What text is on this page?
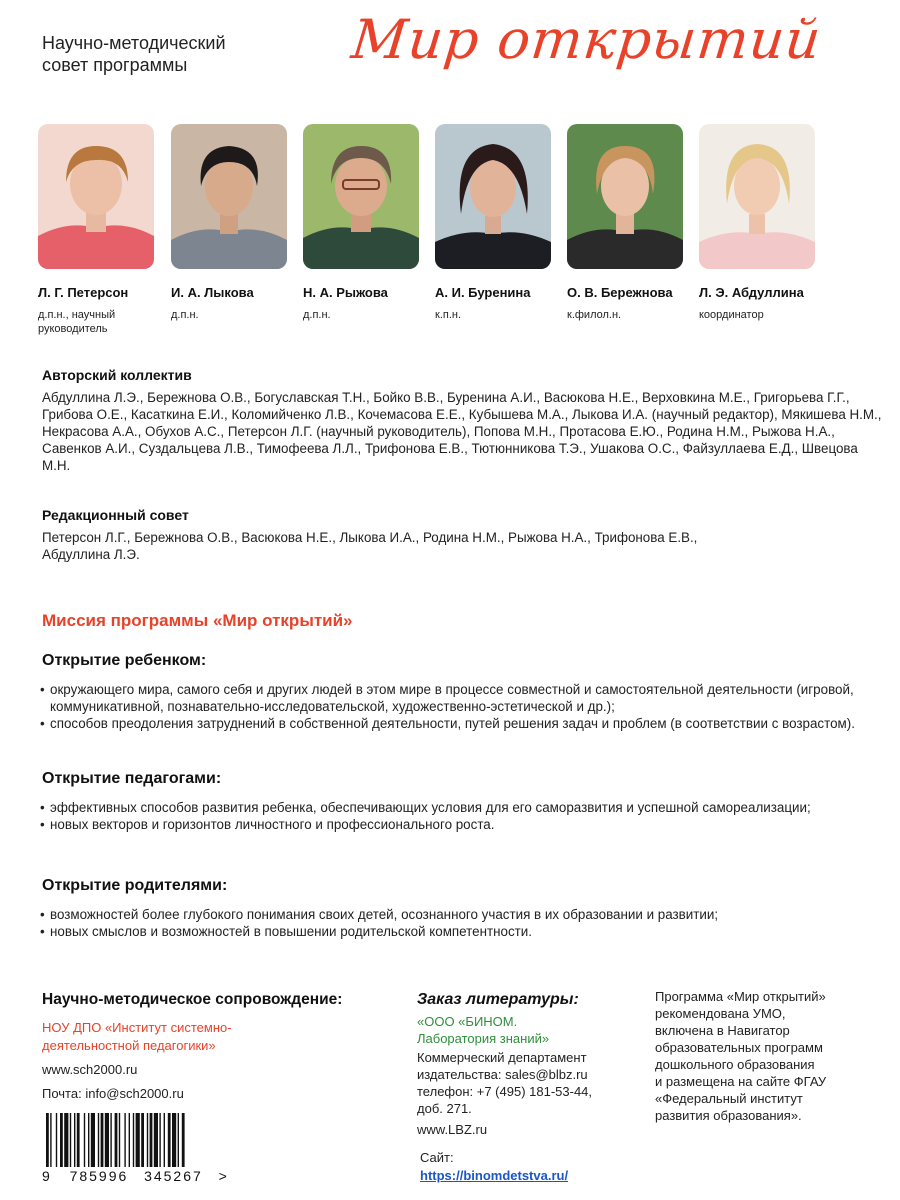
Научно-методический
совет программы	Мир открытий
Л. Г. Петерсон
д.п.н., научный руководитель
И. А. Лыкова
д.п.н.
Н. А. Рыжова
д.п.н.
А. И. Буренина
к.п.н.
О. В. Бережнова
к.филол.н.
Л. Э. Абдуллина
координатор
Авторский коллектив
Абдуллина Л.Э., Бережнова О.В., Богуславская Т.Н., Бойко В.В., Буренина А.И., Васюкова Н.Е., Верховкина М.Е., Григорьева Г.Г., Грибова О.Е., Касаткина Е.И., Коломийченко Л.В., Кочемасова Е.Е., Кубышева М.А., Лыкова И.А. (научный редактор), Мякишева Н.М., Некрасова А.А., Обухов А.С., Петерсон Л.Г. (научный руководитель), Попова М.Н., Протасова Е.Ю., Родина Н.М., Рыжова Н.А., Савенков А.И., Суздальцева Л.В., Тимофеева Л.Л., Трифонова Е.В., Тютюнникова Т.Э., Ушакова О.С., Файзуллаева Е.Д., Швецова М.Н.
Редакционный совет
Петерсон Л.Г., Бережнова О.В., Васюкова Н.Е., Лыкова И.А., Родина Н.М., Рыжова Н.А., Трифонова Е.В., Абдуллина Л.Э.
Миссия программы «Мир открытий»
Открытие ребенком:
• окружающего мира, самого себя и других людей в этом мире в процессе совместной и самостоятельной деятельности (игровой, коммуникативной, познавательно-исследовательской, художественно-эстетической и др.);
• способов преодоления затруднений в собственной деятельности, путей решения задач и проблем (в соответствии с возрастом).
Открытие педагогами:
• эффективных способов развития ребенка, обеспечивающих условия для его саморазвития и успешной самореализации;
• новых векторов и горизонтов личностного и профессионального роста.
Открытие родителями:
• возможностей более глубокого понимания своих детей, осознанного участия в их образовании и развитии;
• новых смыслов и возможностей в повышении родительской компетентности.
Научно-методическое сопровождение:
НОУ ДПО «Институт системно-
деятельностной педагогики»
www.sch2000.ru
Почта: info@sch2000.ru
9 785996 345267 >
Заказ литературы:
«ООО «БИНОМ.
Лаборатория знаний»
Коммерческий департамент
издательства: sales@blbz.ru
телефон: +7 (495) 181-53-44,
доб. 271.
www.LBZ.ru
Сайт:
https://binomdetstva.ru/
Программа «Мир открытий»
рекомендована УМО,
включена в Навигатор
образовательных программ
дошкольного образования
и размещена на сайте ФГАУ
«Федеральный институт
развития образования».
